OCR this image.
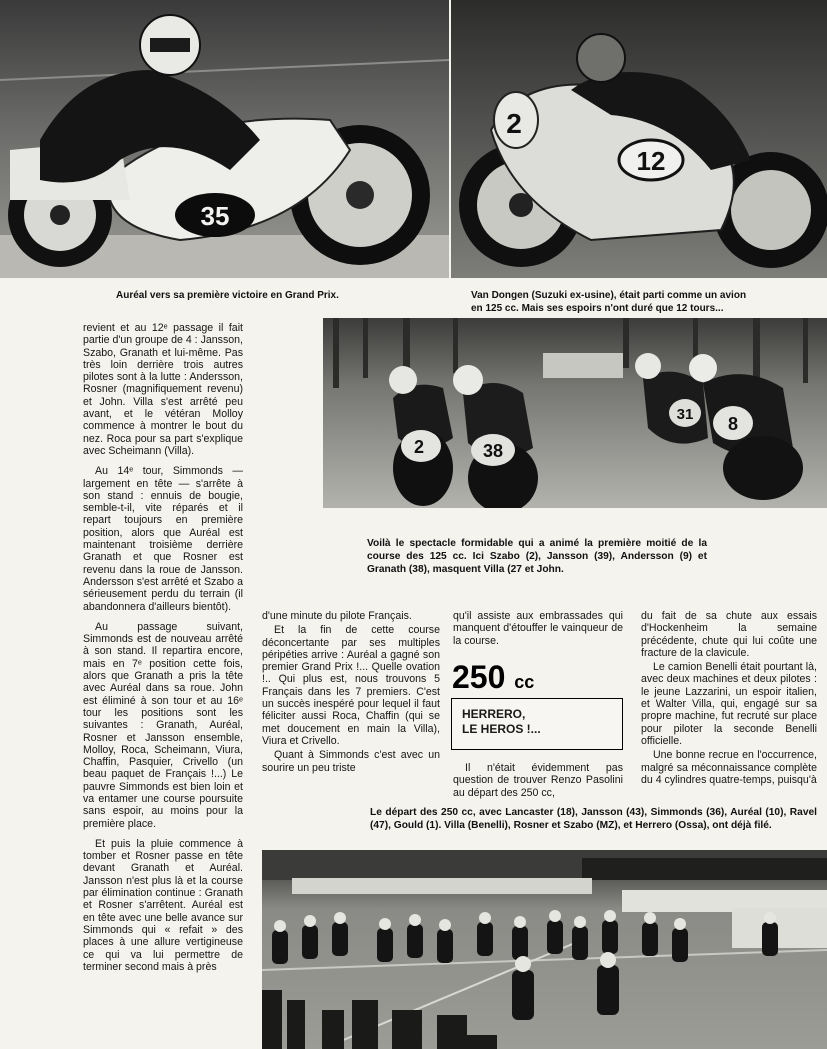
35
2
12
Auréal vers sa première victoire en Grand Prix.	Van Dongen (Suzuki ex-usine), était parti comme un avion
en 125 cc. Mais ses espoirs n'ont duré que 12 tours...
2	38
31 8
Voilà le spectacle formidable qui a animé la première moitié de la course des 125 cc. Ici Szabo (2), Jansson (39), Andersson (9) et Granath (38), masquent Villa (27 et John.

revient et au 12ᵉ passage il fait partie d'un groupe de 4 : Jansson, Szabo, Granath et lui-même. Pas très loin derrière trois autres pilotes sont à la lutte : Andersson, Rosner (magnifiquement revenu) et John. Villa s'est arrêté peu avant, et le vétéran Molloy commence à montrer le bout du nez. Roca pour sa part s'explique avec Scheimann (Villa).

Au 14ᵉ tour, Simmonds — largement en tête — s'arrête à son stand : ennuis de bougie, semble-t-il, vite réparés et il repart toujours en première position, alors que Auréal est maintenant troisième derrière Granath et que Rosner est revenu dans la roue de Jansson. Andersson s'est arrêté et Szabo a sérieusement perdu du terrain (il abandonnera d'ailleurs bientôt).

Au passage suivant, Simmonds est de nouveau arrêté à son stand. Il repartira encore, mais en 7ᵉ position cette fois, alors que Granath a pris la tête avec Auréal dans sa roue. John est éliminé à son tour et au 16ᵉ tour les positions sont les suivantes : Granath, Auréal, Rosner et Jansson ensemble, Molloy, Roca, Scheimann, Viura, Chaffin, Pasquier, Crivello (un beau paquet de Français !...) Le pauvre Simmonds est bien loin et va entamer une course poursuite sans espoir, au moins pour la première place.

Et puis la pluie commence à tomber et Rosner passe en tête devant Granath et Auréal. Jansson n'est plus là et la course par élimination continue : Granath et Rosner s'arrêtent. Auréal est en tête avec une belle avance sur Simmonds qui « refait » des places à une allure vertigineuse ce qui va lui permettre de terminer second mais à près

d'une minute du pilote Français.

Et la fin de cette course déconcertante par ses multiples péripéties arrive : Auréal a gagné son premier Grand Prix !... Quelle ovation !.. Qui plus est, nous trouvons 5 Français dans les 7 premiers. C'est un succès inespéré pour lequel il faut féliciter aussi Roca, Chaffin (qui se met doucement en main la Villa), Viura et Crivello.

Quant à Simmonds c'est avec un sourire un peu triste

qu'il assiste aux embrassades qui manquent d'étouffer le vainqueur de la course.

250 cc
HERRERO,
LE HEROS !...

Il n'était évidemment pas question de trouver Renzo Pasolini au départ des 250 cc,

du fait de sa chute aux essais d'Hockenheim la semaine précédente, chute qui lui coûte une fracture de la clavicule.

Le camion Benelli était pourtant là, avec deux machines et deux pilotes : le jeune Lazzarini, un espoir italien, et Walter Villa, qui, engagé sur sa propre machine, fut recruté sur place pour piloter la seconde Benelli officielle.

Une bonne recrue en l'occurrence, malgré sa méconnaissance complète du 4 cylindres quatre-temps, puisqu'à

Le départ des 250 cc, avec Lancaster (18), Jansson (43), Simmonds (36), Auréal (10), Ravel (47), Gould (1). Villa (Benelli), Rosner et Szabo (MZ), et Herrero (Ossa), ont déjà filé.
